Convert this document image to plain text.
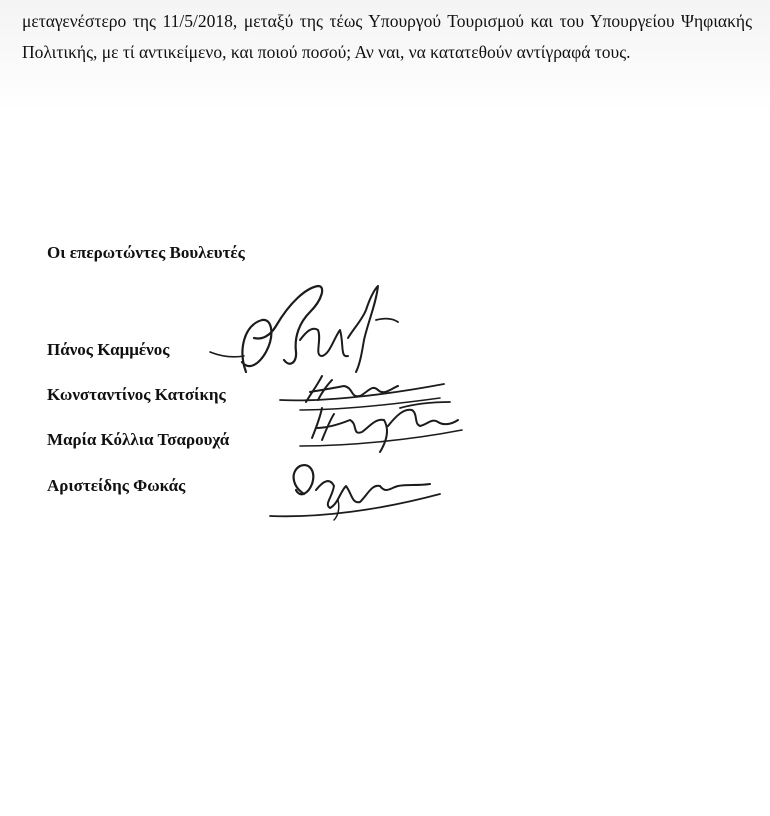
μεταγενέστερο της 11/5/2018, μεταξύ της τέως Υπουργού Τουρισμού και του Υπουργείου Ψηφιακής Πολιτικής, με τί αντικείμενο, και ποιού ποσού; Αν ναι, να κατατεθούν αντίγραφά τους.

Οι επερωτώντες Βουλευτές

Πάνος Καμμένος

Κωνσταντίνος Κατσίκης

Μαρία Κόλλια Τσαρουχά

Αριστείδης Φωκάς
